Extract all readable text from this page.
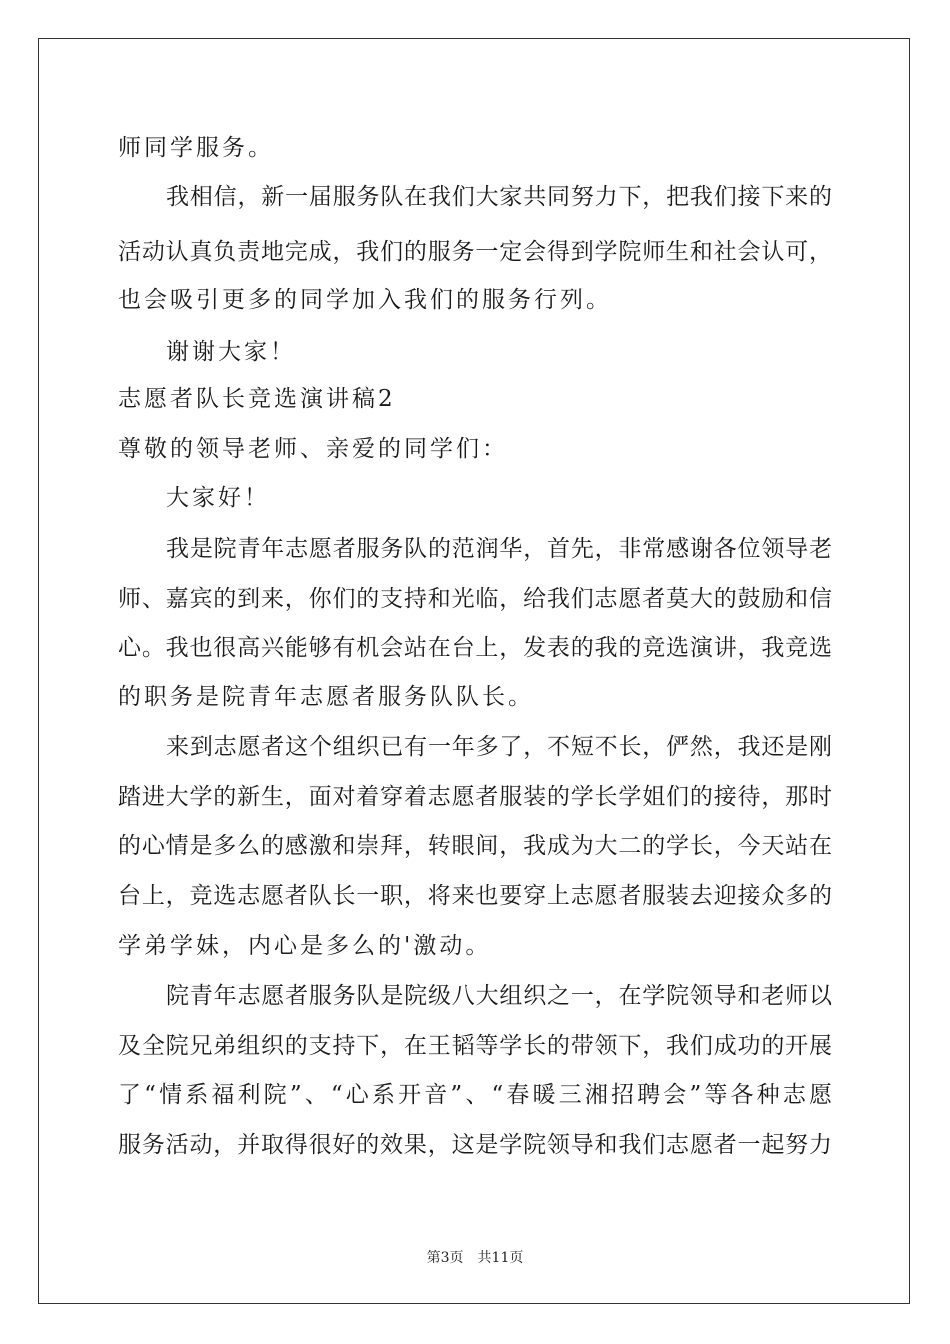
师同学服务。
我相信，新一届服务队在我们大家共同努力下，把我们接下来的
活动认真负责地完成，我们的服务一定会得到学院师生和社会认可，
也会吸引更多的同学加入我们的服务行列。
谢谢大家！
志愿者队长竞选演讲稿2
尊敬的领导老师、亲爱的同学们：
大家好！
我是院青年志愿者服务队的范润华，首先，非常感谢各位领导老
师、嘉宾的到来，你们的支持和光临，给我们志愿者莫大的鼓励和信
心。我也很高兴能够有机会站在台上，发表的我的竞选演讲，我竞选
的职务是院青年志愿者服务队队长。
来到志愿者这个组织已有一年多了，不短不长，俨然，我还是刚
踏进大学的新生，面对着穿着志愿者服装的学长学姐们的接待，那时
的心情是多么的感激和崇拜，转眼间，我成为大二的学长，今天站在
台上，竞选志愿者队长一职，将来也要穿上志愿者服装去迎接众多的
学弟学妹，内心是多么的'激动。
院青年志愿者服务队是院级八大组织之一，在学院领导和老师以
及全院兄弟组织的支持下，在王韬等学长的带领下，我们成功的开展
了“情系福利院”、“心系开音”、“春暖三湘招聘会”等各种志愿
服务活动，并取得很好的效果，这是学院领导和我们志愿者一起努力
第3页　共11页
